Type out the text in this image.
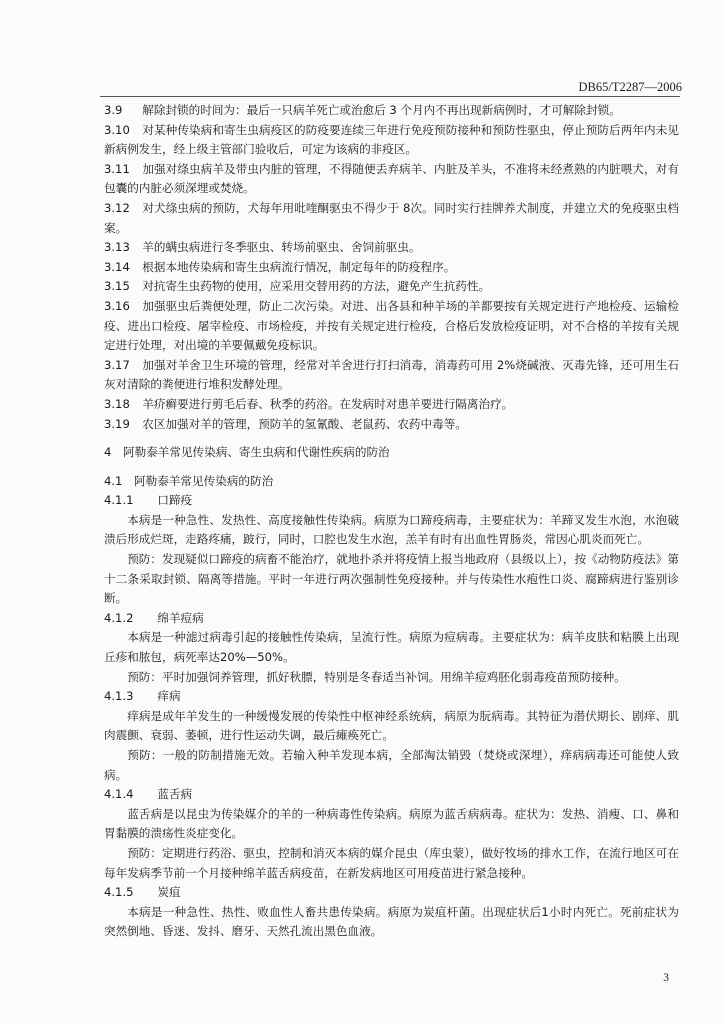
DB65/T2287—2006

3.9 解除封锁的时间为：最后一只病羊死亡或治愈后 3 个月内不再出现新病例时，才可解除封锁。

3.10 对某种传染病和寄生虫病疫区的防疫要连续三年进行免疫预防接种和预防性驱虫，停止预防后两年内未见新病例发生，经上级主管部门验收后，可定为该病的非疫区。

3.11 加强对绦虫病羊及带虫内脏的管理，不得随便丢弃病羊、内脏及羊头，不准将未经煮熟的内脏喂犬，对有包囊的内脏必须深埋或焚烧。

3.12 对犬绦虫病的预防，犬每年用吡喹酮驱虫不得少于 8次。同时实行挂牌养犬制度，并建立犬的免疫驱虫档案。

3.13 羊的螨虫病进行冬季驱虫、转场前驱虫、舍饲前驱虫。

3.14 根据本地传染病和寄生虫病流行情况，制定每年的防疫程序。

3.15 对抗寄生虫药物的使用，应采用交替用药的方法，避免产生抗药性。

3.16 加强驱虫后粪便处理，防止二次污染。对进、出各县和种羊场的羊都要按有关规定进行产地检疫、运输检疫、进出口检疫、屠宰检疫、市场检疫，并按有关规定进行检疫，合格后发放检疫证明，对不合格的羊按有关规定进行处理，对出境的羊要佩戴免疫标识。

3.17 加强对羊舍卫生环境的管理，经常对羊舍进行打扫消毒，消毒药可用 2%烧碱液、灭毒先锋，还可用生石灰对清除的粪便进行堆积发酵处理。

3.18 羊疥癣要进行剪毛后春、秋季的药浴。在发病时对患羊要进行隔离治疗。

3.19 农区加强对羊的管理，预防羊的氢氰酸、老鼠药、农药中毒等。

4　阿勒泰羊常见传染病、寄生虫病和代谢性疾病的防治

4.1　阿勒泰羊常见传染病的防治

4.1.1 口蹄疫

本病是一种急性、发热性、高度接触性传染病。病原为口蹄疫病毒，主要症状为：羊蹄叉发生水泡，水泡破溃后形成烂斑，走路疼痛，跛行，同时，口腔也发生水泡，羔羊有时有出血性胃肠炎，常因心肌炎而死亡。

预防：发现疑似口蹄疫的病畜不能治疗，就地扑杀并将疫情上报当地政府（县级以上），按《动物防疫法》第十二条采取封锁、隔离等措施。平时一年进行两次强制性免疫接种。并与传染性水疱性口炎、腐蹄病进行鉴别诊断。

4.1.2 绵羊痘病

本病是一种滤过病毒引起的接触性传染病，呈流行性。病原为痘病毒。主要症状为：病羊皮肤和粘膜上出现丘疹和脓包，病死率达20%—50%。

预防：平时加强饲养管理，抓好秋膘，特别是冬春适当补饲。用绵羊痘鸡胚化弱毒疫苗预防接种。

4.1.3 痒病

痒病是成年羊发生的一种缓慢发展的传染性中枢神经系统病，病原为朊病毒。其特征为潜伏期长、剧痒、肌肉震颤、衰弱、萎顿，进行性运动失调，最后瘫痪死亡。

预防：一般的防制措施无效。若输入种羊发现本病，全部淘汰销毁（焚烧或深埋），痒病病毒还可能使人致病。

4.1.4 蓝舌病

蓝舌病是以昆虫为传染媒介的羊的一种病毒性传染病。病原为蓝舌病病毒。症状为：发热、消瘦、口、鼻和胃黏膜的溃疡性炎症变化。

预防：定期进行药浴、驱虫，控制和消灭本病的媒介昆虫（库虫蒙），做好牧场的排水工作，在流行地区可在每年发病季节前一个月接种绵羊蓝舌病疫苗，在新发病地区可用疫苗进行紧急接种。

4.1.5 炭疽

本病是一种急性、热性、败血性人畜共患传染病。病原为炭疽杆菌。出现症状后1小时内死亡。死前症状为突然倒地、昏迷、发抖、磨牙、天然孔流出黑色血液。

3
